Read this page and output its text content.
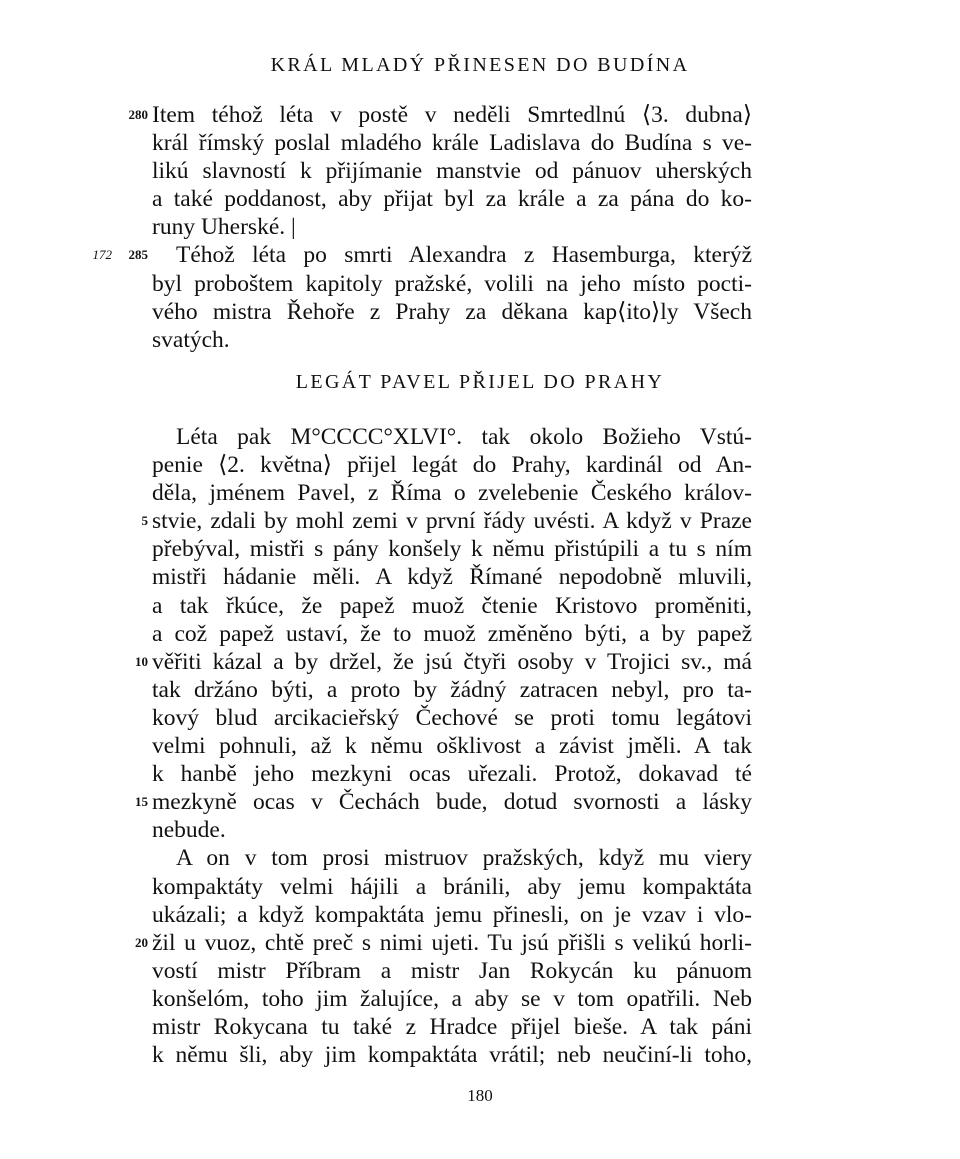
KRÁL MLADÝ PŘINESEN DO BUDÍNA
280 Item téhož léta v postě v neděli Smrtedlnú ⟨3. dubna⟩
král římský poslal mladého krále Ladislava do Budína s ve-
likú slavností k přijímanie manstvie od pánuov uherských
a také poddanost, aby přijat byl za krále a za pána do ko-
runy Uherské. |
172 285	Téhož léta po smrti Alexandra z Hasemburga, kterýž
byl proboštem kapitoly pražské, volili na jeho místo pocti-
vého mistra Řehoře z Prahy za děkana kap⟨ito⟩ly Všech
svatých.
LEGÁT PAVEL PŘIJEL DO PRAHY
Léta pak M°CCCC°XLVI°. tak okolo Božieho Vstú-
penie ⟨2. května⟩ přijel legát do Prahy, kardinál od An-
děla, jménem Pavel, z Říma o zvelebenie Českého králov-
5 stvie, zdali by mohl zemi v první řády uvésti. A když v Praze
přebýval, mistři s pány konšely k němu přistúpili a tu s ním
mistři hádanie měli. A když Římané nepodobně mluvili,
a tak řkúce, že papež muož čtenie Kristovo proměniti,
a což papež ustaví, že to muož změněno býti, a by papež
10 věřiti kázal a by držel, že jsú čtyři osoby v Trojici sv., má
tak držáno býti, a proto by žádný zatracen nebyl, pro ta-
kový blud arcikacieřský Čechové se proti tomu legátovi
velmi pohnuli, až k němu ošklivost a závist jměli. A tak
k hanbě jeho mezkyni ocas uřezali. Protož, dokavad té
15 mezkyně ocas v Čechách bude, dotud svornosti a lásky
nebude.
A on v tom prosi mistruov pražských, když mu viery
kompaktáty velmi hájili a bránili, aby jemu kompaktáta
ukázali; a když kompaktáta jemu přinesli, on je vzav i vlo-
20 žil u vuoz, chtě preč s nimi ujeti. Tu jsú přišli s velikú horli-
vostí mistr Příbram a mistr Jan Rokycán ku pánuom
konšelóm, toho jim žalujíce, a aby se v tom opatřili. Neb
mistr Rokycana tu také z Hradce přijel bieše. A tak páni
k němu šli, aby jim kompaktáta vrátil; neb neučiní-li toho,
180
